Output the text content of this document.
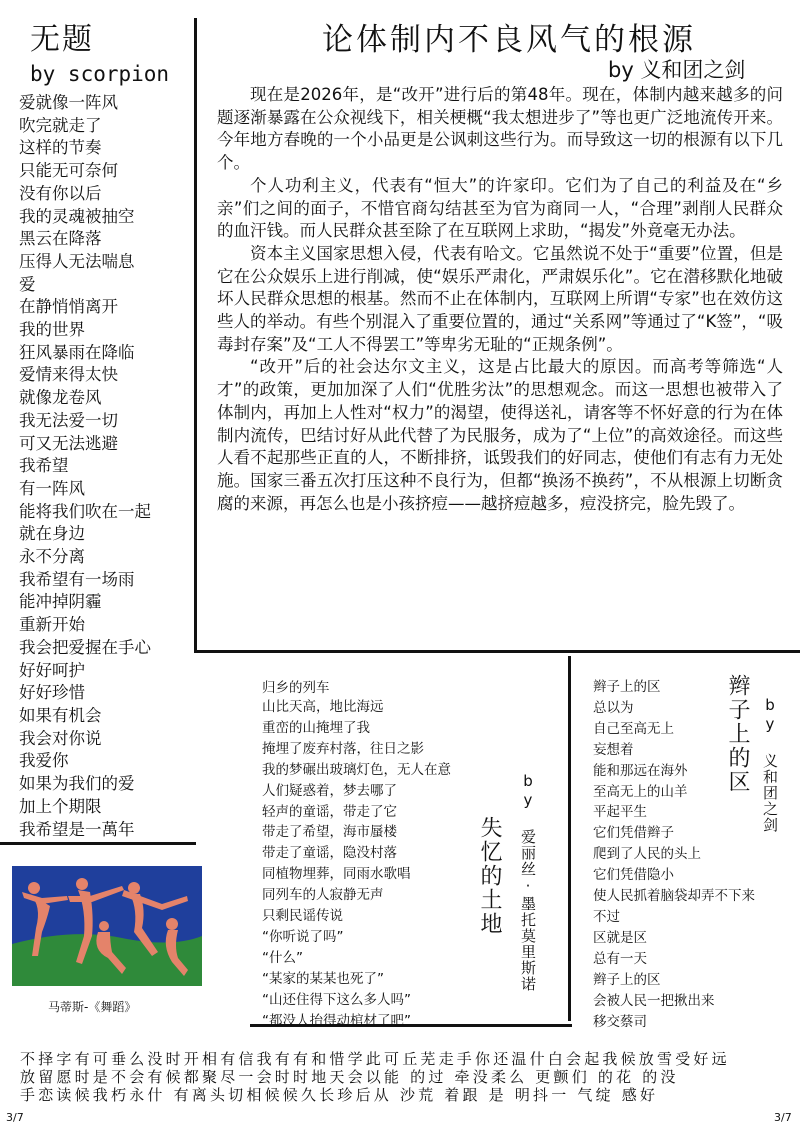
无题
by scorpion
爱就像一阵风
吹完就走了
这样的节奏
只能无可奈何
没有你以后
我的灵魂被抽空
黑云在降落
压得人无法喘息
爱
在静悄悄离开
我的世界
狂风暴雨在降临
爱情来得太快
就像龙卷风
我无法爱一切
可又无法逃避
我希望
有一阵风
能将我们吹在一起
就在身边
永不分离
我希望有一场雨
能冲掉阴霾
重新开始
我会把爱握在手心
好好呵护
好好珍惜
如果有机会
我会对你说
我爱你
如果为我们的爱
加上个期限
我希望是一萬年
论体制内不良风气的根源
by 义和团之剑

现在是2026年，是“改开”进行后的第48年。现在，体制内越来越多的问题逐渐暴露在公众视线下，相关梗概“我太想进步了”等也更广泛地流传开来。今年地方春晚的一个小品更是公讽刺这些行为。而导致这一切的根源有以下几个。

个人功利主义，代表有“恒大”的许家印。它们为了自己的利益及在“乡亲”们之间的面子，不惜官商勾结甚至为官为商同一人，“合理”剥削人民群众的血汗钱。而人民群众甚至除了在互联网上求助，“揭发”外竟毫无办法。

资本主义国家思想入侵，代表有哈文。它虽然说不处于“重要”位置，但是它在公众娱乐上进行削减，使“娱乐严肃化，严肃娱乐化”。它在潜移默化地破坏人民群众思想的根基。然而不止在体制内，互联网上所谓“专家”也在效仿这些人的举动。有些个别混入了重要位置的，通过“关系网”等通过了“K签”，“吸毒封存案”及“工人不得罢工”等卑劣无耻的“正规条例”。

“改开”后的社会达尔文主义，这是占比最大的原因。而高考等筛选“人才”的政策，更加加深了人们“优胜劣汰”的思想观念。而这一思想也被带入了体制内，再加上人性对“权力”的渴望，使得送礼，请客等不怀好意的行为在体制内流传，巴结讨好从此代替了为民服务，成为了“上位”的高效途径。而这些人看不起那些正直的人，不断排挤，诋毁我们的好同志，使他们有志有力无处施。国家三番五次打压这种不良行为，但都“换汤不换药”，不从根源上切断贪腐的来源，再怎么也是小孩挤痘——越挤痘越多，痘没挤完，脸先毁了。

马蒂斯-《舞蹈》
归乡的列车
山比天高，地比海远
重峦的山掩埋了我
掩埋了废弃村落，往日之影
我的梦碾出玻璃灯色，无人在意
人们疑惑着，梦去哪了
轻声的童谣，带走了它
带走了希望，海市蜃楼
带走了童谣，隐没村落
同植物埋葬，同雨水歌唱
同列车的人寂静无声
只剩民谣传说
“你听说了吗”
“什么”
“某家的某某也死了”
“山还住得下这么多人吗”
“都没人抬得动棺材了吧”
失忆的土地 by 爱丽丝·墨托莫里斯诺
辫子上的区
总以为
自己至高无上
妄想着
能和那远在海外
至高无上的山羊
平起平生
它们凭借辫子
爬到了人民的头上
它们凭借隐小
使人民抓着脑袋却弄不下来
不过
区就是区
总有一天
辫子上的区
会被人民一把揪出来
移交蔡司
辫子上的区 by 义和团之剑
不择字有可垂么没时开相有信我有有和惜学此可丘芜走手你还温什白会起我候放雪受好远
放留愿时是不会有候都聚尽一会时时地天会以能 的过 牵没柔么 更颤们 的花 的没
手恋读候我朽永什 有离头切相候候久长珍后从 沙荒 着跟 是 明抖一 气绽 感好
3/7	3/7
